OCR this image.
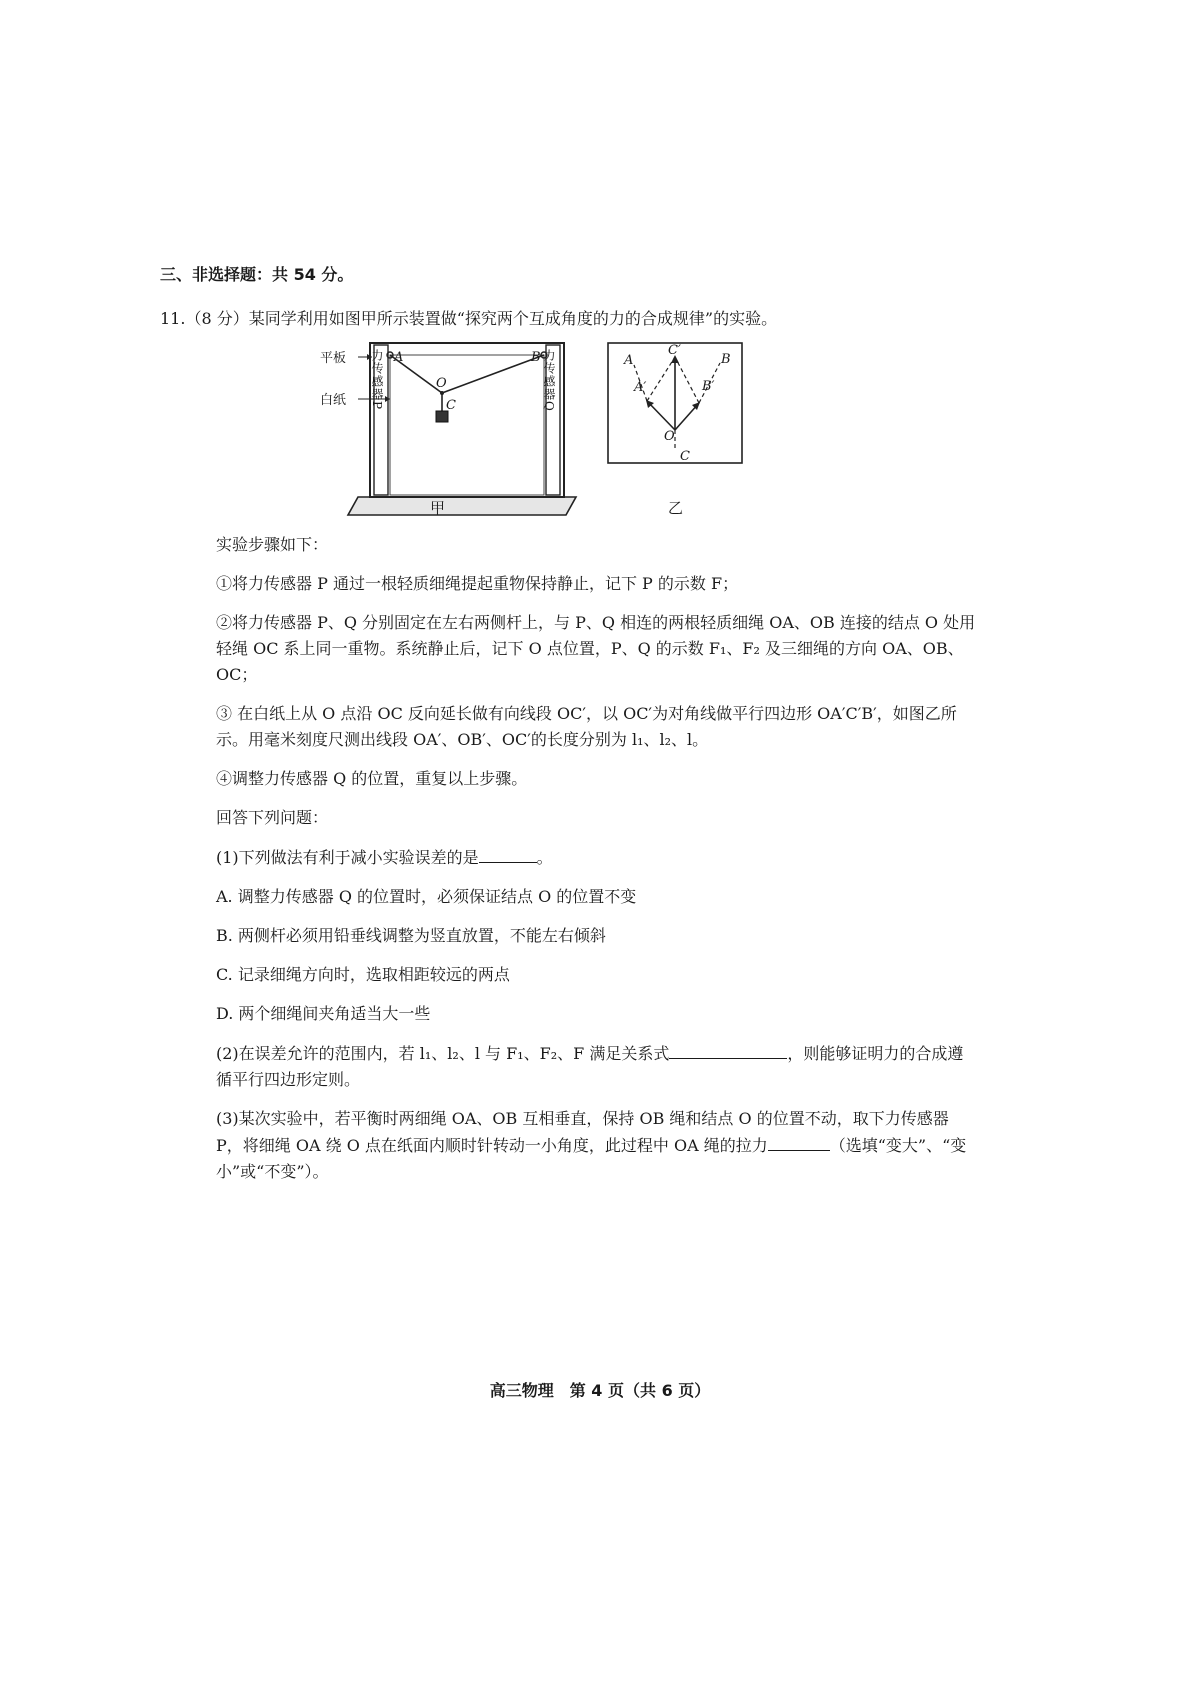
三、非选择题：共 54 分。
11.（8 分）某同学利用如图甲所示装置做“探究两个互成角度的力的合成规律”的实验。
平板
白纸 力传感器P	力传感器Q
A	B
O
C
甲
C′
A
A′
B
B′
O
C
乙

实验步骤如下：

①将力传感器 P 通过一根轻质细绳提起重物保持静止，记下 P 的示数 F；

②将力传感器 P、Q 分别固定在左右两侧杆上，与 P、Q 相连的两根轻质细绳 OA、OB 连接的结点 O 处用轻绳 OC 系上同一重物。系统静止后，记下 O 点位置，P、Q 的示数 F₁、F₂ 及三细绳的方向 OA、OB、OC；

③ 在白纸上从 O 点沿 OC 反向延长做有向线段 OC′，以 OC′为对角线做平行四边形 OA′C′B′，如图乙所示。用毫米刻度尺测出线段 OA′、OB′、OC′的长度分别为 l₁、l₂、l。

④调整力传感器 Q 的位置，重复以上步骤。

回答下列问题：

(1)下列做法有利于减小实验误差的是	。

A. 调整力传感器 Q 的位置时，必须保证结点 O 的位置不变

B. 两侧杆必须用铅垂线调整为竖直放置，不能左右倾斜

C. 记录细绳方向时，选取相距较远的两点

D. 两个细绳间夹角适当大一些

(2)在误差允许的范围内，若 l₁、l₂、l 与 F₁、F₂、F 满足关系式	，则能够证明力的合成遵循平行四边形定则。

(3)某次实验中，若平衡时两细绳 OA、OB 互相垂直，保持 OB 绳和结点 O 的位置不动，取下力传感器 P，将细绳 OA 绕 O 点在纸面内顺时针转动一小角度，此过程中 OA 绳的拉力	（选填“变大”、“变小”或“不变”）。

高三物理　第 4 页（共 6 页）
